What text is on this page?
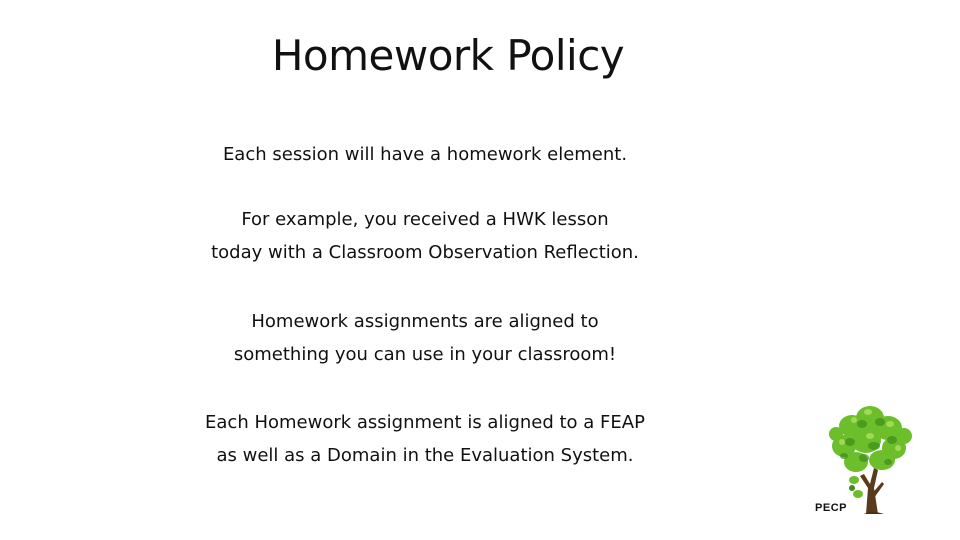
Homework Policy
Each session will have a homework element.
For example, you received a HWK lesson
today with a Classroom Observation Reflection.
Homework assignments are aligned to
something you can use in your classroom!
Each Homework assignment is aligned to a FEAP
as well as a Domain in the Evaluation System.
PECP
